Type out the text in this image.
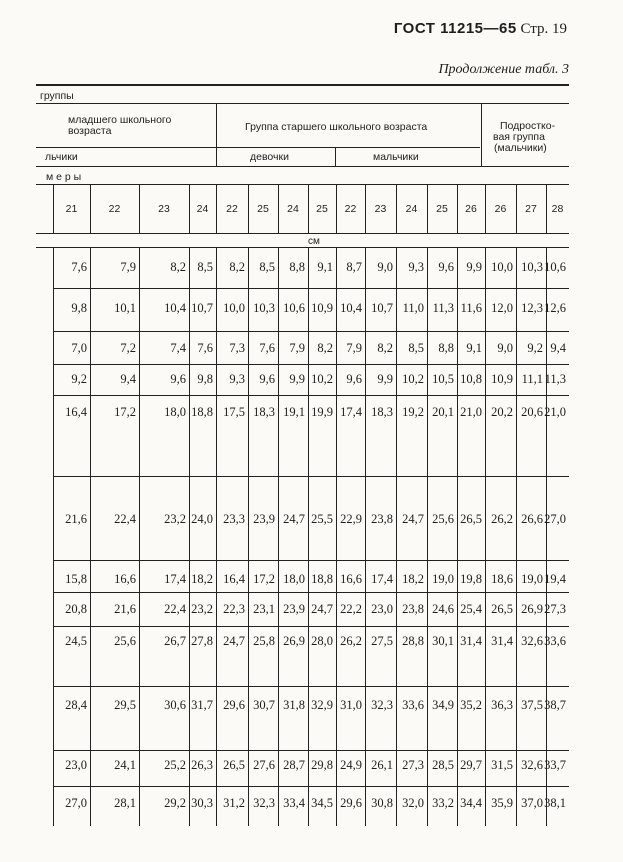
ГОСТ 11215—65 Стр. 19
Продолжение табл. 3
группы
младшего школьного
возраста	Группа старшего школьного возраста	Подростко-
вая группа
(мальчики)
льчики	девочки	мальчики
м е р ы
см
21	22	23	24	22	25	24	25	22	23	24	25	26	26	27	28
7,6	7,9	8,2 8,5 8,2 8,5 8,8 9,1 8,7 9,0 9,3 9,6 9,9 10,0 10,3 10,6
9,8 10,1 10,4 10,7 10,0 10,3 10,6 10,9 10,4 10,7 11,0 11,3 11,6 12,0 12,3 12,6
7,0	7,2	7,4 7,6 7,3 7,6 7,9 8,2 7,9 8,2 8,5 8,8 9,1 9,0 9,2 9,4
9,2	9,4	9,6 9,8 9,3 9,6 9,9 10,2 9,6 9,9 10,2 10,5 10,8 10,9 11,1 11,3
16,4 17,2 18,0 18,8 17,5 18,3 19,1 19,9 17,4 18,3 19,2 20,1 21,0 20,2 20,6 21,0
21,6 22,4 23,2 24,0 23,3 23,9 24,7 25,5 22,9 23,8 24,7 25,6 26,5 26,2 26,6 27,0
15,8 16,6 17,4 18,2 16,4 17,2 18,0 18,8 16,6 17,4 18,2 19,0 19,8 18,6 19,0 19,4
20,8 21,6 22,4 23,2 22,3 23,1 23,9 24,7 22,2 23,0 23,8 24,6 25,4 26,5 26,9 27,3
24,5 25,6 26,7 27,8 24,7 25,8 26,9 28,0 26,2 27,5 28,8 30,1 31,4 31,4 32,6 33,6
28,4 29,5 30,6 31,7 29,6 30,7 31,8 32,9 31,0 32,3 33,6 34,9 35,2 36,3 37,5 38,7
23,0 24,1 25,2 26,3 26,5 27,6 28,7 29,8 24,9 26,1 27,3 28,5 29,7 31,5 32,6 33,7
27,0 28,1 29,2 30,3 31,2 32,3 33,4 34,5 29,6 30,8 32,0 33,2 34,4 35,9 37,0 38,1
